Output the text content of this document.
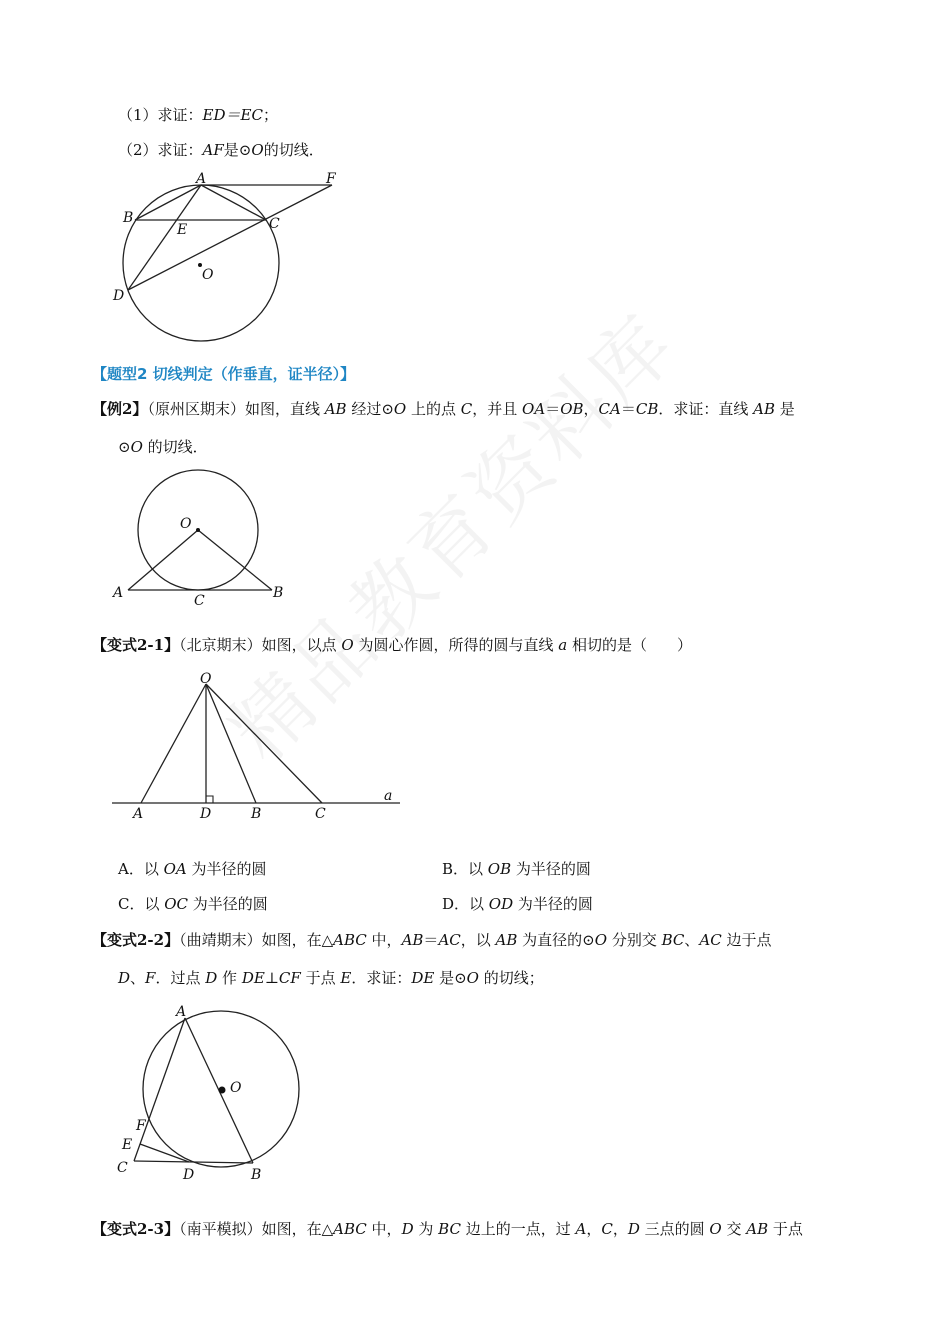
（1）求证：ED＝EC；
（2）求证：AF是⊙O的切线．
A	F
B
E	C
O
D
【题型2 切线判定（作垂直，证半径）】
【例2】（原州区期末）如图，直线 AB 经过⊙O 上的点 C，并且 OA＝OB，CA＝CB．求证：直线 AB 是
⊙O 的切线．
O
A	C	B
【变式2-1】（北京期末）如图，以点 O 为圆心作圆，所得的圆与直线 a 相切的是（　　）
O
A	D	B	C
a
A．以 OA 为半径的圆	B．以 OB 为半径的圆
C．以 OC 为半径的圆	D．以 OD 为半径的圆
【变式2-2】（曲靖期末）如图，在△ABC 中，AB＝AC，以 AB 为直径的⊙O 分别交 BC、AC 边于点
D、F．过点 D 作 DE⊥CF 于点 E．求证：DE 是⊙O 的切线；
A
O
F
E
C	D	B
【变式2-3】（南平模拟）如图，在△ABC 中，D 为 BC 边上的一点，过 A，C，D 三点的圆 O 交 AB 于点
